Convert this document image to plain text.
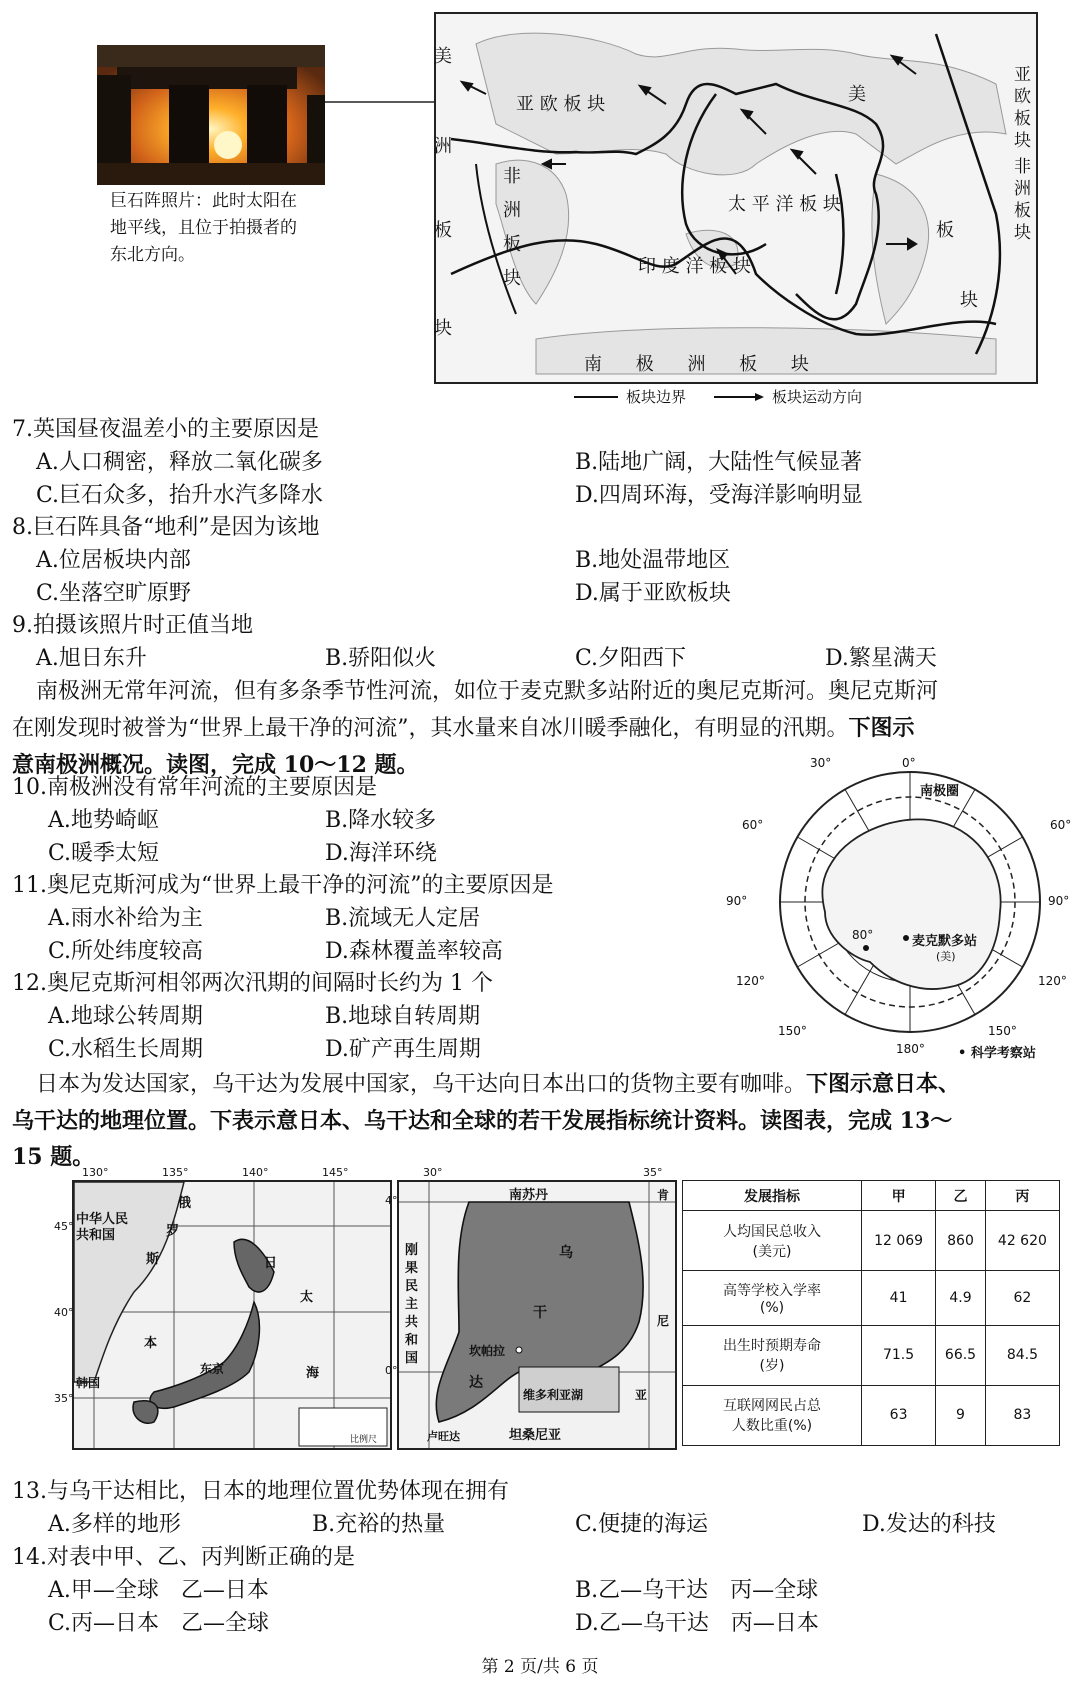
巨石阵照片：此时太阳在
地平线，且位于拍摄者的
东北方向。
美
洲
板
块
亚 欧 板 块
非
洲
板
块
太 平 洋 板 块
印 度 洋 板 块
南 极 洲 板 块
美
亚
欧
板
块
非
洲
板
块
板
块
板块边界	板块运动方向
7.英国昼夜温差小的主要原因是
A.人口稠密，释放二氧化碳多	B.陆地广阔，大陆性气候显著
C.巨石众多，抬升水汽多降水	D.四周环海，受海洋影响明显
8.巨石阵具备“地利”是因为该地
A.位居板块内部	B.地处温带地区
C.坐落空旷原野	D.属于亚欧板块
9.拍摄该照片时正值当地
A.旭日东升	B.骄阳似火	C.夕阳西下	D.繁星满天
南极洲无常年河流，但有多条季节性河流，如位于麦克默多站附近的奥尼克斯河。奥尼克斯河
在刚发现时被誉为“世界上最干净的河流”，其水量来自冰川暖季融化，有明显的汛期。下图示
意南极洲概况。读图，完成 10～12 题。
10.南极洲没有常年河流的主要原因是
A.地势崎岖	B.降水较多
C.暖季太短	D.海洋环绕
11.奥尼克斯河成为“世界上最干净的河流”的主要原因是
A.雨水补给为主	B.流域无人定居
C.所处纬度较高	D.森林覆盖率较高
12.奥尼克斯河相邻两次汛期的间隔时长约为 1 个
A.地球公转周期	B.地球自转周期
C.水稻生长周期	D.矿产再生周期
0°
30°
60°	60°
90°	90°
80°
120°	120°
150°	150°
180°
南极圈
麦克默多站
(美)
• 科学考察站
日本为发达国家，乌干达为发展中国家，乌干达向日本出口的货物主要有咖啡。下图示意日本、
乌干达的地理位置。下表示意日本、乌干达和全球的若干发展指标统计资料。读图表，完成 13～
15 题。
130°	135°	140°	145°
45°
40°
35°
中华人民
共和国
俄
罗
斯	日
本
太
海
韩国
东京
比例尺
30°	35°
4°
0°
南苏丹
刚
果
民
主
共
和
国
乌
干
达
坎帕拉
维多利亚湖
肯
尼
亚
坦桑尼亚
卢旺达
发展指标	甲	乙	丙

人均国民总收入
(美元)	12 069	860	42 620

高等学校入学率
(%)	41	4.9	62

出生时预期寿命
(岁)	71.5	66.5	84.5

互联网网民占总
人数比重(%)	63	9	83
13.与乌干达相比，日本的地理位置优势体现在拥有
A.多样的地形	B.充裕的热量	C.便捷的海运	D.发达的科技
14.对表中甲、乙、丙判断正确的是
A.甲—全球　乙—日本	B.乙—乌干达　丙—全球
C.丙—日本　乙—全球	D.乙—乌干达　丙—日本
第 2 页/共 6 页
